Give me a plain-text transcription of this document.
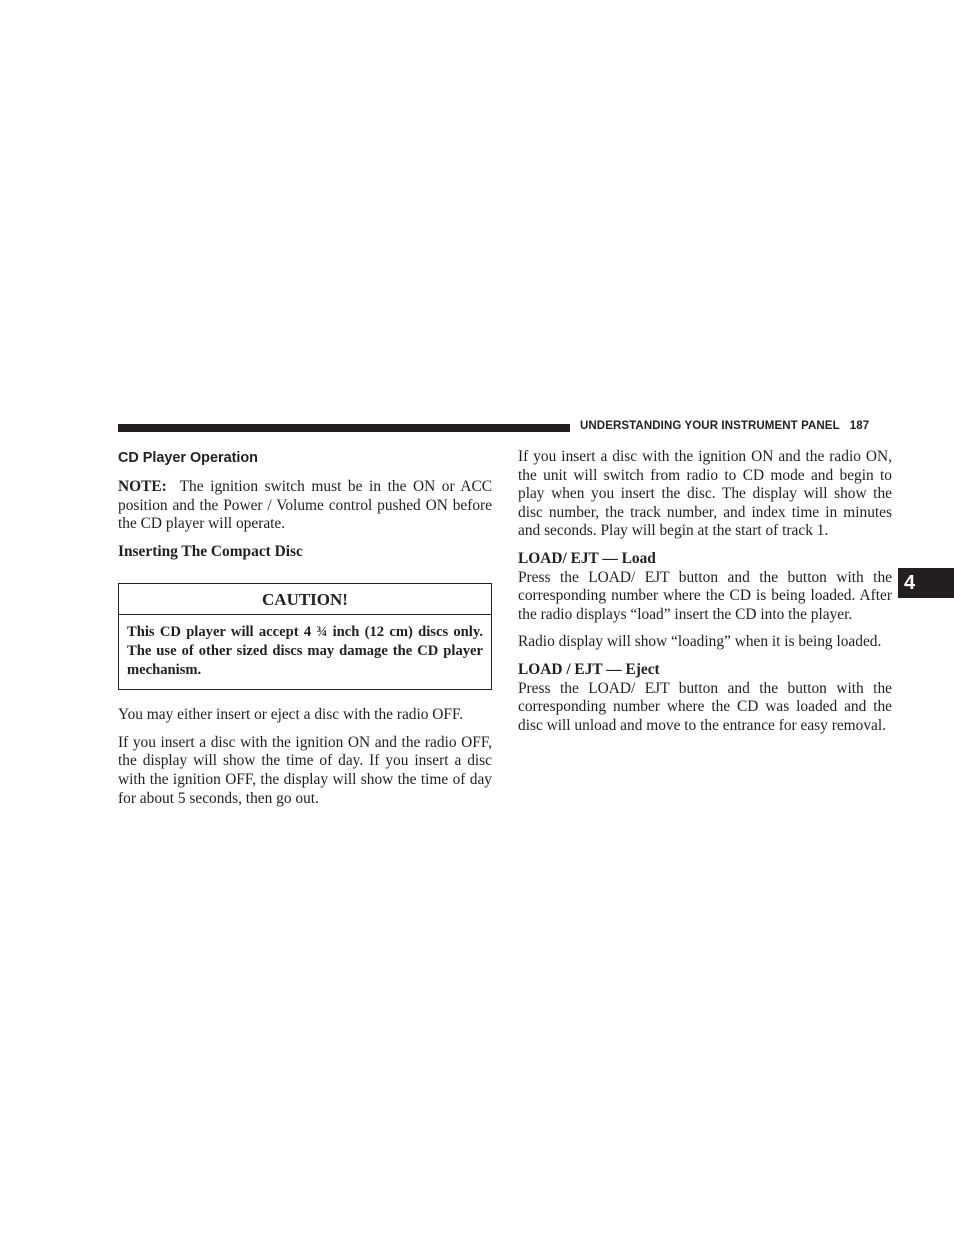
UNDERSTANDING YOUR INSTRUMENT PANEL 187
4
CD Player Operation

NOTE: The ignition switch must be in the ON or ACC position and the Power / Volume control pushed ON before the CD player will operate.

Inserting The Compact Disc
CAUTION!
This CD player will accept 4 ¾ inch (12 cm) discs only. The use of other sized discs may damage the CD player mechanism.

You may either insert or eject a disc with the radio OFF.

If you insert a disc with the ignition ON and the radio OFF, the display will show the time of day. If you insert a disc with the ignition OFF, the display will show the time of day for about 5 seconds, then go out.

If you insert a disc with the ignition ON and the radio ON, the unit will switch from radio to CD mode and begin to play when you insert the disc. The display will show the disc number, the track number, and index time in minutes and seconds. Play will begin at the start of track 1.

LOAD/ EJT — Load

Press the LOAD/ EJT button and the button with the corresponding number where the CD is being loaded. After the radio displays “load” insert the CD into the player.

Radio display will show “loading” when it is being loaded.

LOAD / EJT — Eject

Press the LOAD/ EJT button and the button with the corresponding number where the CD was loaded and the disc will unload and move to the entrance for easy removal.
